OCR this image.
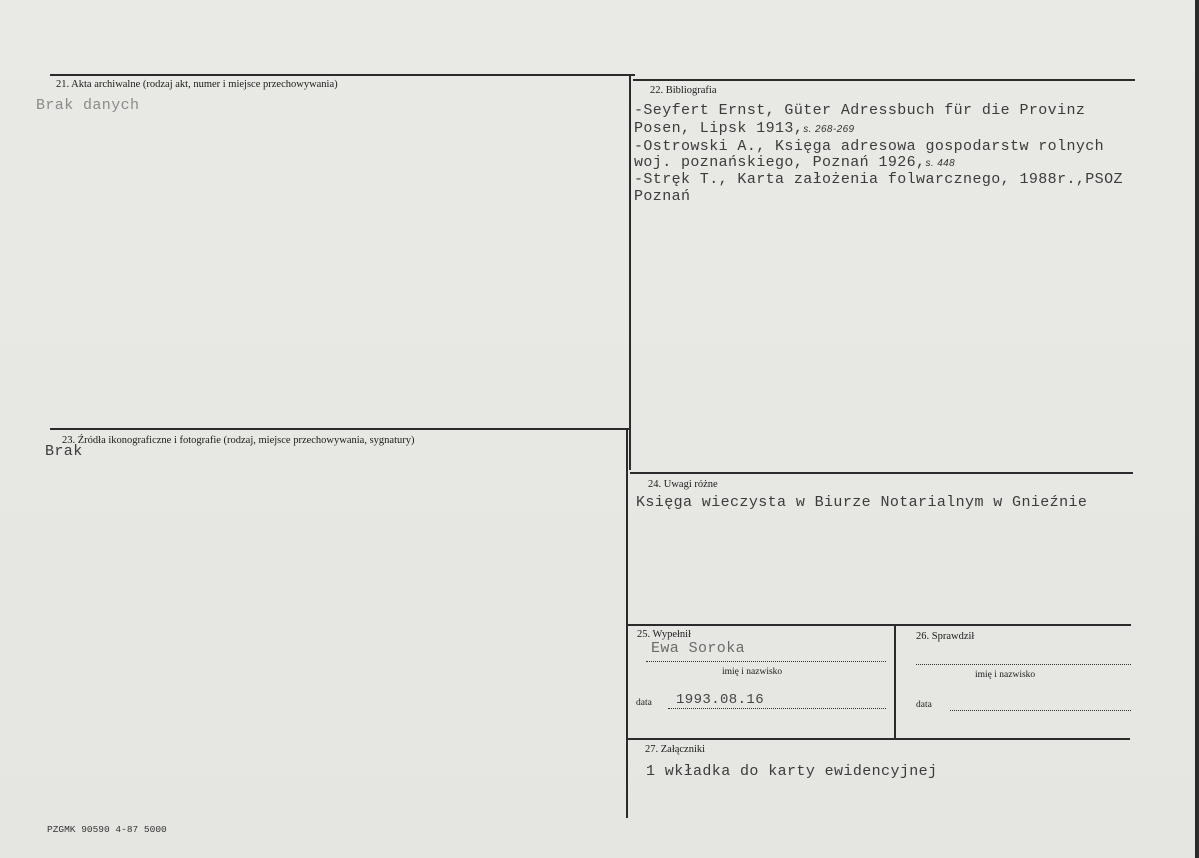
21. Akta archiwalne (rodzaj akt, numer i miejsce przechowywania)
Brak danych
22. Bibliografia
-Seyfert Ernst, Güter Adressbuch für die Provinz
Posen, Lipsk 1913,s. 268-269
-Ostrowski A., Księga adresowa gospodarstw rolnych
woj. poznańskiego, Poznań 1926,s. 448
-Stręk T., Karta założenia folwarcznego, 1988r.,PSOZ
Poznań
23. Źródła ikonograficzne i fotografie (rodzaj, miejsce przechowywania, sygnatury)
Brak
24. Uwagi różne
Księga wieczysta w Biurze Notarialnym w Gnieźnie
25. Wypełnił
Ewa Soroka
imię i nazwisko
data 1993.08.16
26. Sprawdził
imię i nazwisko
data
27. Załączniki
1 wkładka do karty ewidencyjnej
PZGMK 90590 4-87 5000
